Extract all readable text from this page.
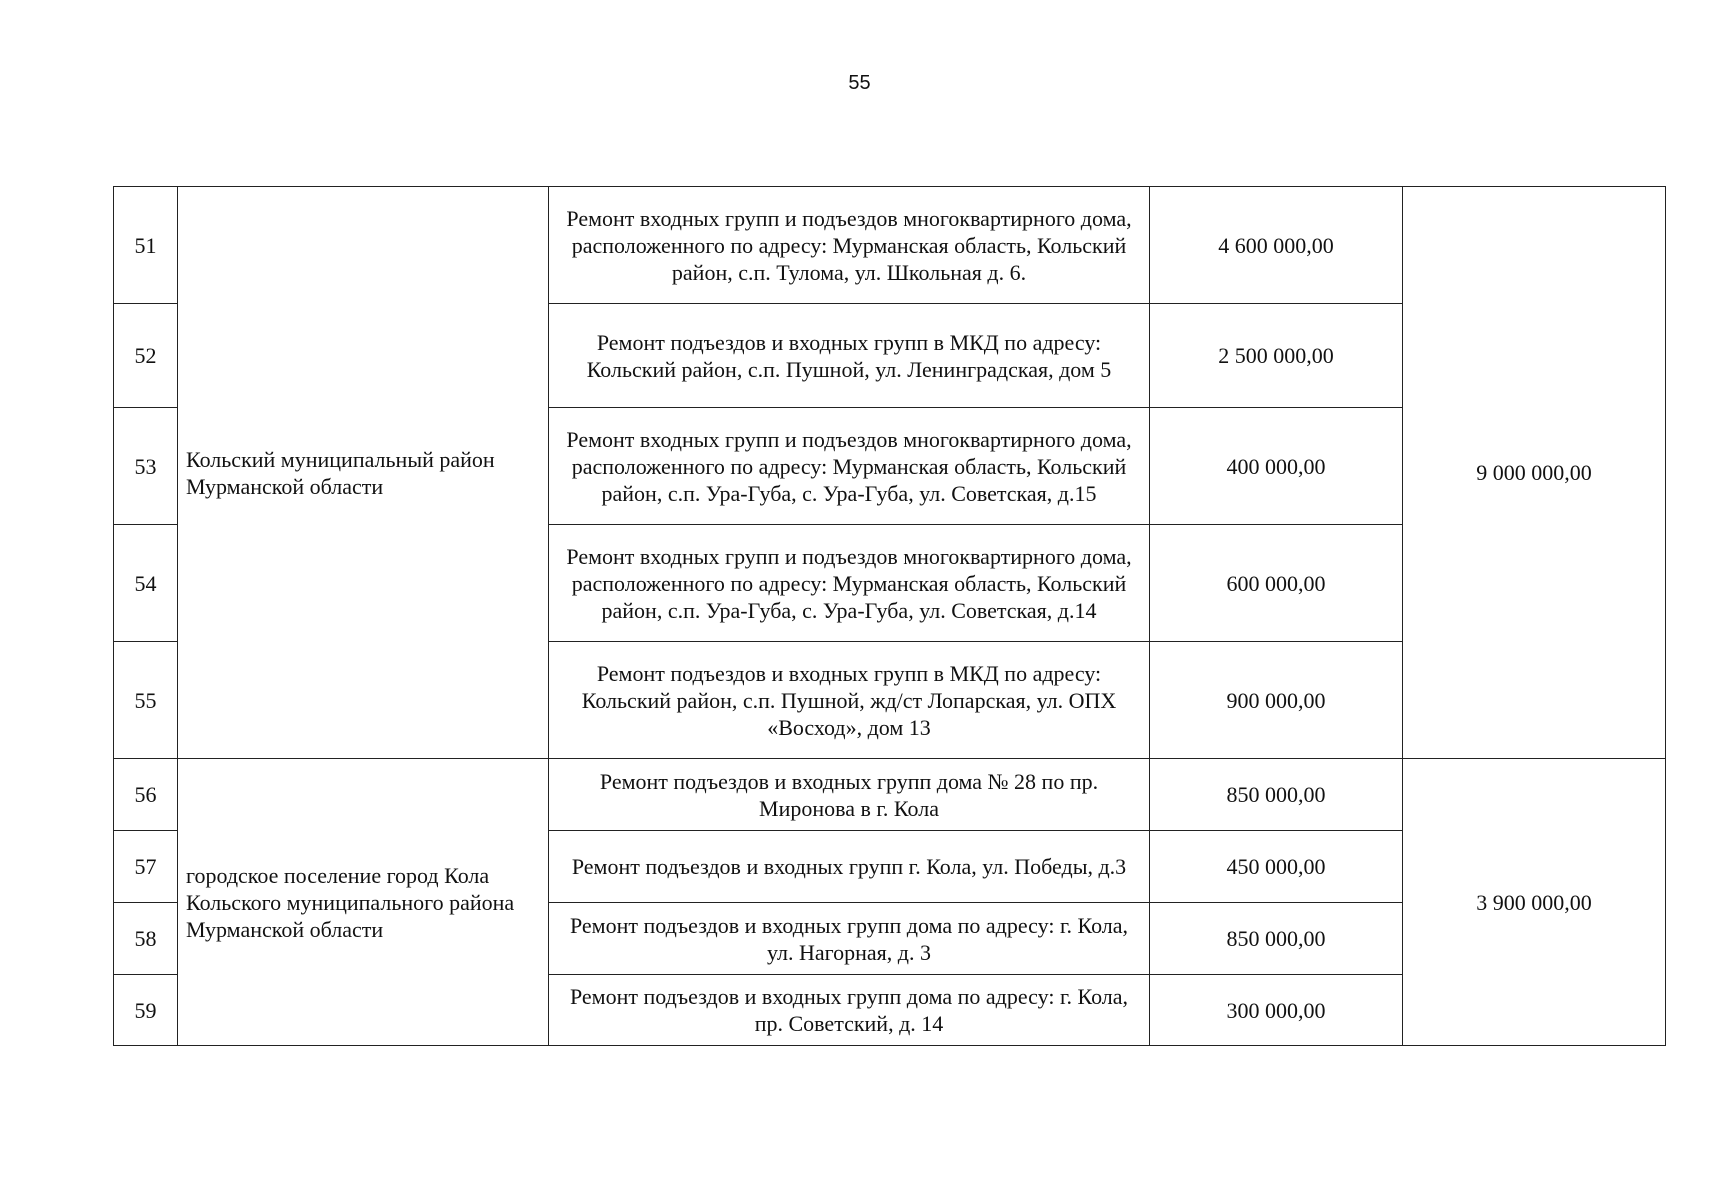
55
51	Кольский муниципальный район Мурманской области	Ремонт входных групп и подъездов многоквартирного дома, расположенного по адресу: Мурманская область, Кольский район, с.п. Тулома, ул. Школьная д. 6.	4 600 000,00	9 000 000,00
52		Ремонт подъездов и входных групп в МКД по адресу: Кольский район, с.п. Пушной, ул. Ленинградская, дом 5	2 500 000,00	
53		Ремонт входных групп и подъездов многоквартирного дома, расположенного по адресу: Мурманская область, Кольский район, с.п. Ура-Губа, с. Ура-Губа, ул. Советская, д.15	400 000,00	
54		Ремонт входных групп и подъездов многоквартирного дома, расположенного по адресу: Мурманская область, Кольский район, с.п. Ура-Губа, с. Ура-Губа, ул. Советская, д.14	600 000,00	
55		Ремонт подъездов и входных групп в МКД по адресу: Кольский район, с.п. Пушной, жд/ст Лопарская, ул. ОПХ «Восход», дом 13	900 000,00	
56	городское поселение город Кола Кольского муниципального района Мурманской области	Ремонт подъездов и входных групп дома № 28 по пр. Миронова в г. Кола	850 000,00	3 900 000,00
57		Ремонт подъездов и входных групп г. Кола, ул. Победы, д.3	450 000,00	
58		Ремонт подъездов и входных групп дома по адресу: г. Кола, ул. Нагорная, д. 3	850 000,00	
59		Ремонт подъездов и входных групп дома по адресу: г. Кола, пр. Советский, д. 14	300 000,00	
